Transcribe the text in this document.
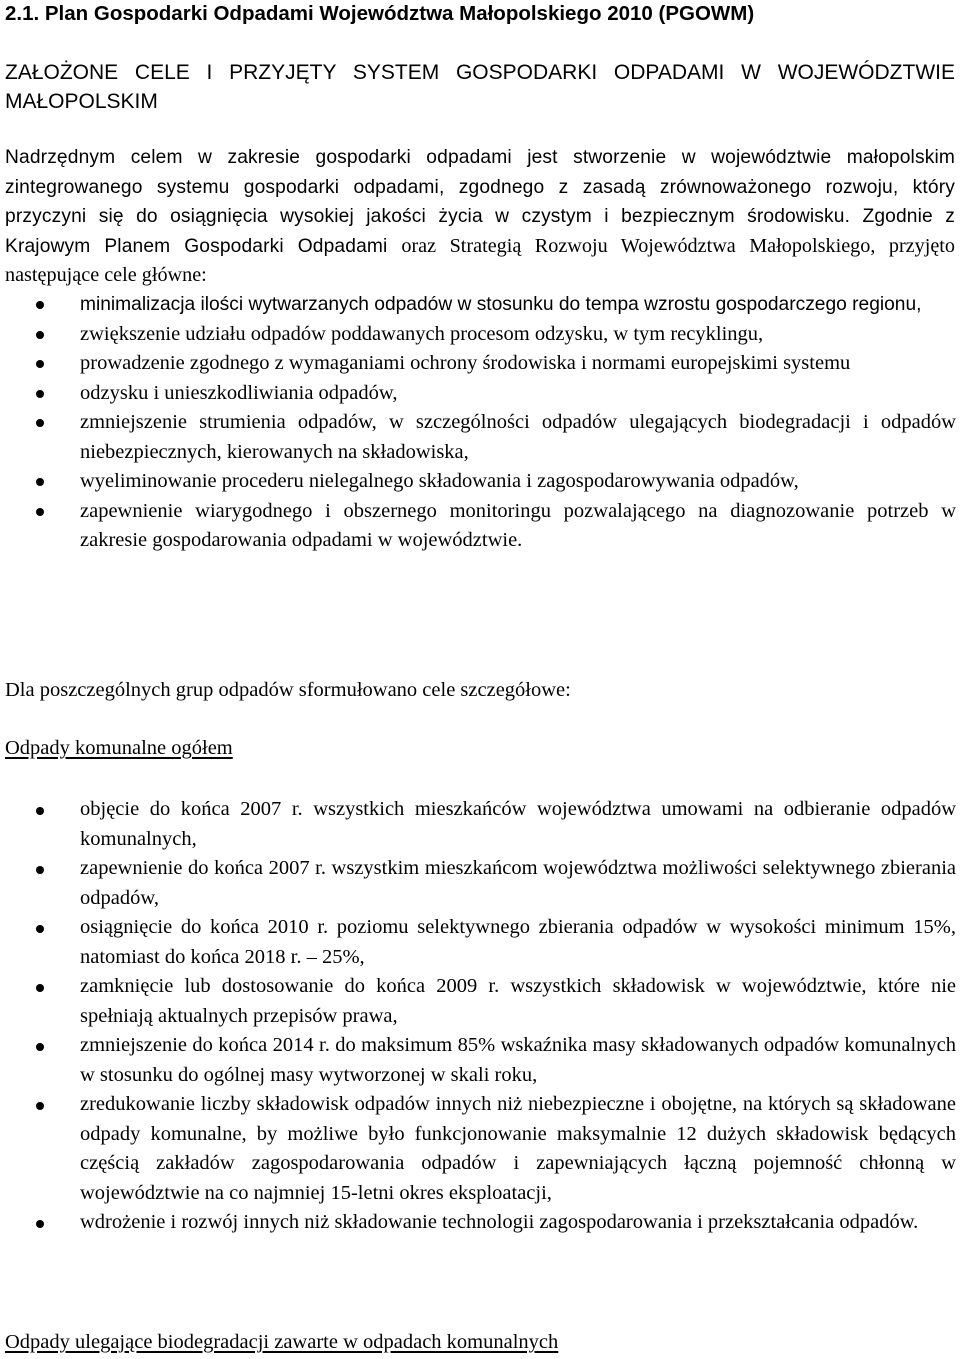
2.1. Plan Gospodarki Odpadami Województwa Małopolskiego 2010 (PGOWM)
ZAŁOŻONE CELE I PRZYJĘTY SYSTEM GOSPODARKI ODPADAMI W WOJEWÓDZTWIE MAŁOPOLSKIM
Nadrzędnym celem w zakresie gospodarki odpadami jest stworzenie w województwie małopolskim zintegrowanego systemu gospodarki odpadami, zgodnego z zasadą zrównoważonego rozwoju, który przyczyni się do osiągnięcia wysokiej jakości życia w czystym i bezpiecznym środowisku. Zgodnie z Krajowym Planem Gospodarki Odpadami oraz Strategią Rozwoju Województwa Małopolskiego, przyjęto następujące cele główne:
minimalizacja ilości wytwarzanych odpadów w stosunku do tempa wzrostu gospodarczego regionu,
zwiększenie udziału odpadów poddawanych procesom odzysku, w tym recyklingu,
prowadzenie zgodnego z wymaganiami ochrony środowiska i normami europejskimi systemu
odzysku i unieszkodliwiania odpadów,
zmniejszenie strumienia odpadów, w szczególności odpadów ulegających biodegradacji i odpadów niebezpiecznych, kierowanych na składowiska,
wyeliminowanie procederu nielegalnego składowania i zagospodarowywania odpadów,
zapewnienie wiarygodnego i obszernego monitoringu pozwalającego na diagnozowanie potrzeb w zakresie gospodarowania odpadami w województwie.
Dla poszczególnych grup odpadów sformułowano cele szczegółowe:
Odpady komunalne ogółem
objęcie do końca 2007 r. wszystkich mieszkańców województwa umowami na odbieranie odpadów komunalnych,
zapewnienie do końca 2007 r. wszystkim mieszkańcom województwa możliwości selektywnego zbierania odpadów,
osiągnięcie do końca 2010 r. poziomu selektywnego zbierania odpadów w wysokości minimum 15%, natomiast do końca 2018 r. – 25%,
zamknięcie lub dostosowanie do końca 2009 r. wszystkich składowisk w województwie, które nie spełniają aktualnych przepisów prawa,
zmniejszenie do końca 2014 r. do maksimum 85% wskaźnika masy składowanych odpadów komunalnych w stosunku do ogólnej masy wytworzonej w skali roku,
zredukowanie liczby składowisk odpadów innych niż niebezpieczne i obojętne, na których są składowane odpady komunalne, by możliwe było funkcjonowanie maksymalnie 12 dużych składowisk będących częścią zakładów zagospodarowania odpadów i zapewniających łączną pojemność chłonną w województwie na co najmniej 15-letni okres eksploatacji,
wdrożenie i rozwój innych niż składowanie technologii zagospodarowania i przekształcania odpadów.
Odpady ulegające biodegradacji zawarte w odpadach komunalnych
